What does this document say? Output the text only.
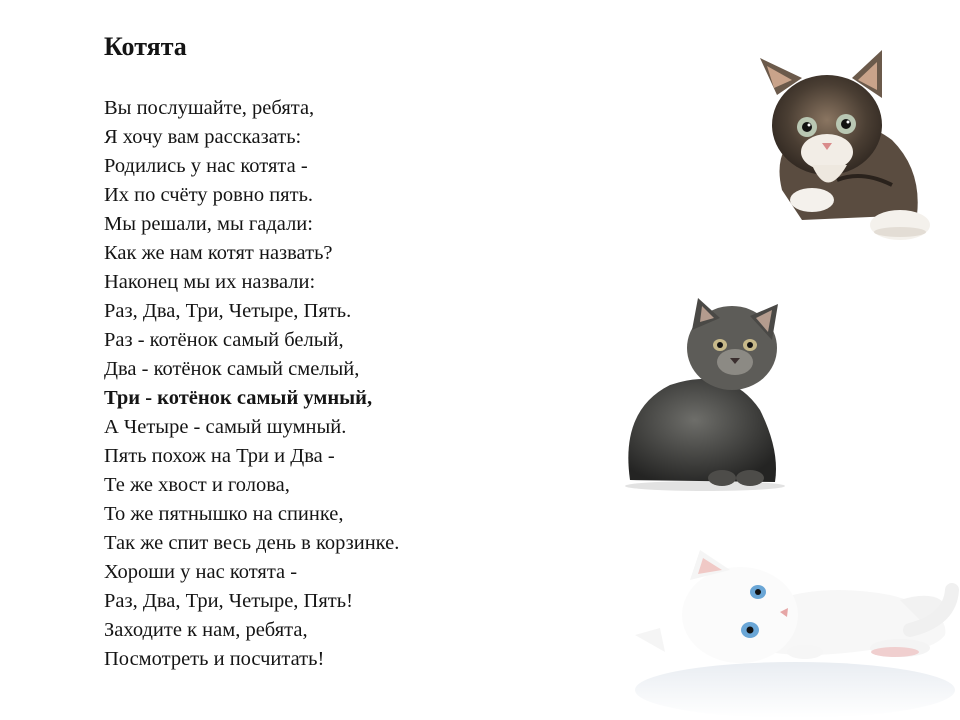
Котята
Вы послушайте, ребята,
Я хочу вам рассказать:
Родились у нас котята -
Их по счёту ровно пять.
Мы решали, мы гадали:
Как же нам котят назвать?
Наконец мы их назвали:
Раз, Два, Три, Четыре, Пять.
Раз - котёнок самый белый,
Два - котёнок самый смелый,
Три - котёнок самый умный,
А Четыре - самый шумный.
Пять похож на Три и Два -
Те же хвост и голова,
То же пятнышко на спинке,
Так же спит весь день в корзинке.
Хороши у нас котята -
Раз, Два, Три, Четыре, Пять!
Заходите к нам, ребята,
Посмотреть и посчитать!
